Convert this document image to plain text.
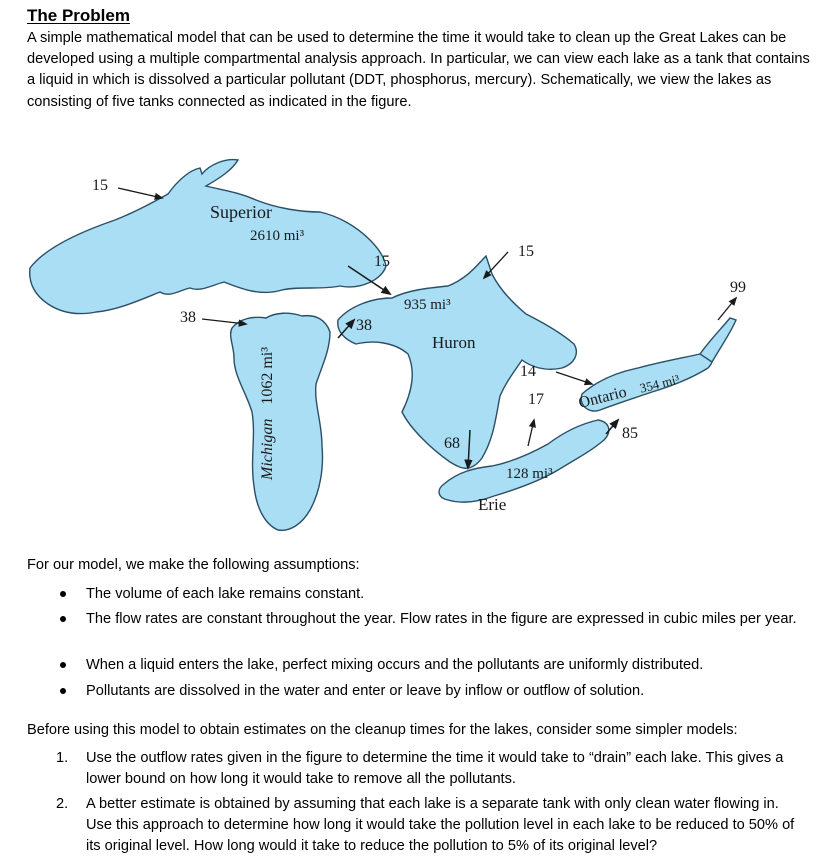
The Problem
A simple mathematical model that can be used to determine the time it would take to clean up the Great Lakes can be developed using a multiple compartmental analysis approach. In particular, we can view each lake as a tank that contains a liquid in which is dissolved a particular pollutant (DDT, phosphorus, mercury). Schematically, we view the lakes as consisting of five tanks connected as indicated in the figure.
Superior
2610 mi³
935 mi³
Huron
Michigan 1062 mi³
128 mi³
Erie
Ontario 354 mi³
15
15
15
38	38
68
17
14
85
99
For our model, we make the following assumptions:
The volume of each lake remains constant.
The flow rates are constant throughout the year. Flow rates in the figure are expressed in cubic miles per year.
When a liquid enters the lake, perfect mixing occurs and the pollutants are uniformly distributed.
Pollutants are dissolved in the water and enter or leave by inflow or outflow of solution.
Before using this model to obtain estimates on the cleanup times for the lakes, consider some simpler models:
1. Use the outflow rates given in the figure to determine the time it would take to “drain” each lake. This gives a lower bound on how long it would take to remove all the pollutants.
2. A better estimate is obtained by assuming that each lake is a separate tank with only clean water flowing in. Use this approach to determine how long it would take the pollution level in each lake to be reduced to 50% of its original level. How long would it take to reduce the pollution to 5% of its original level?
